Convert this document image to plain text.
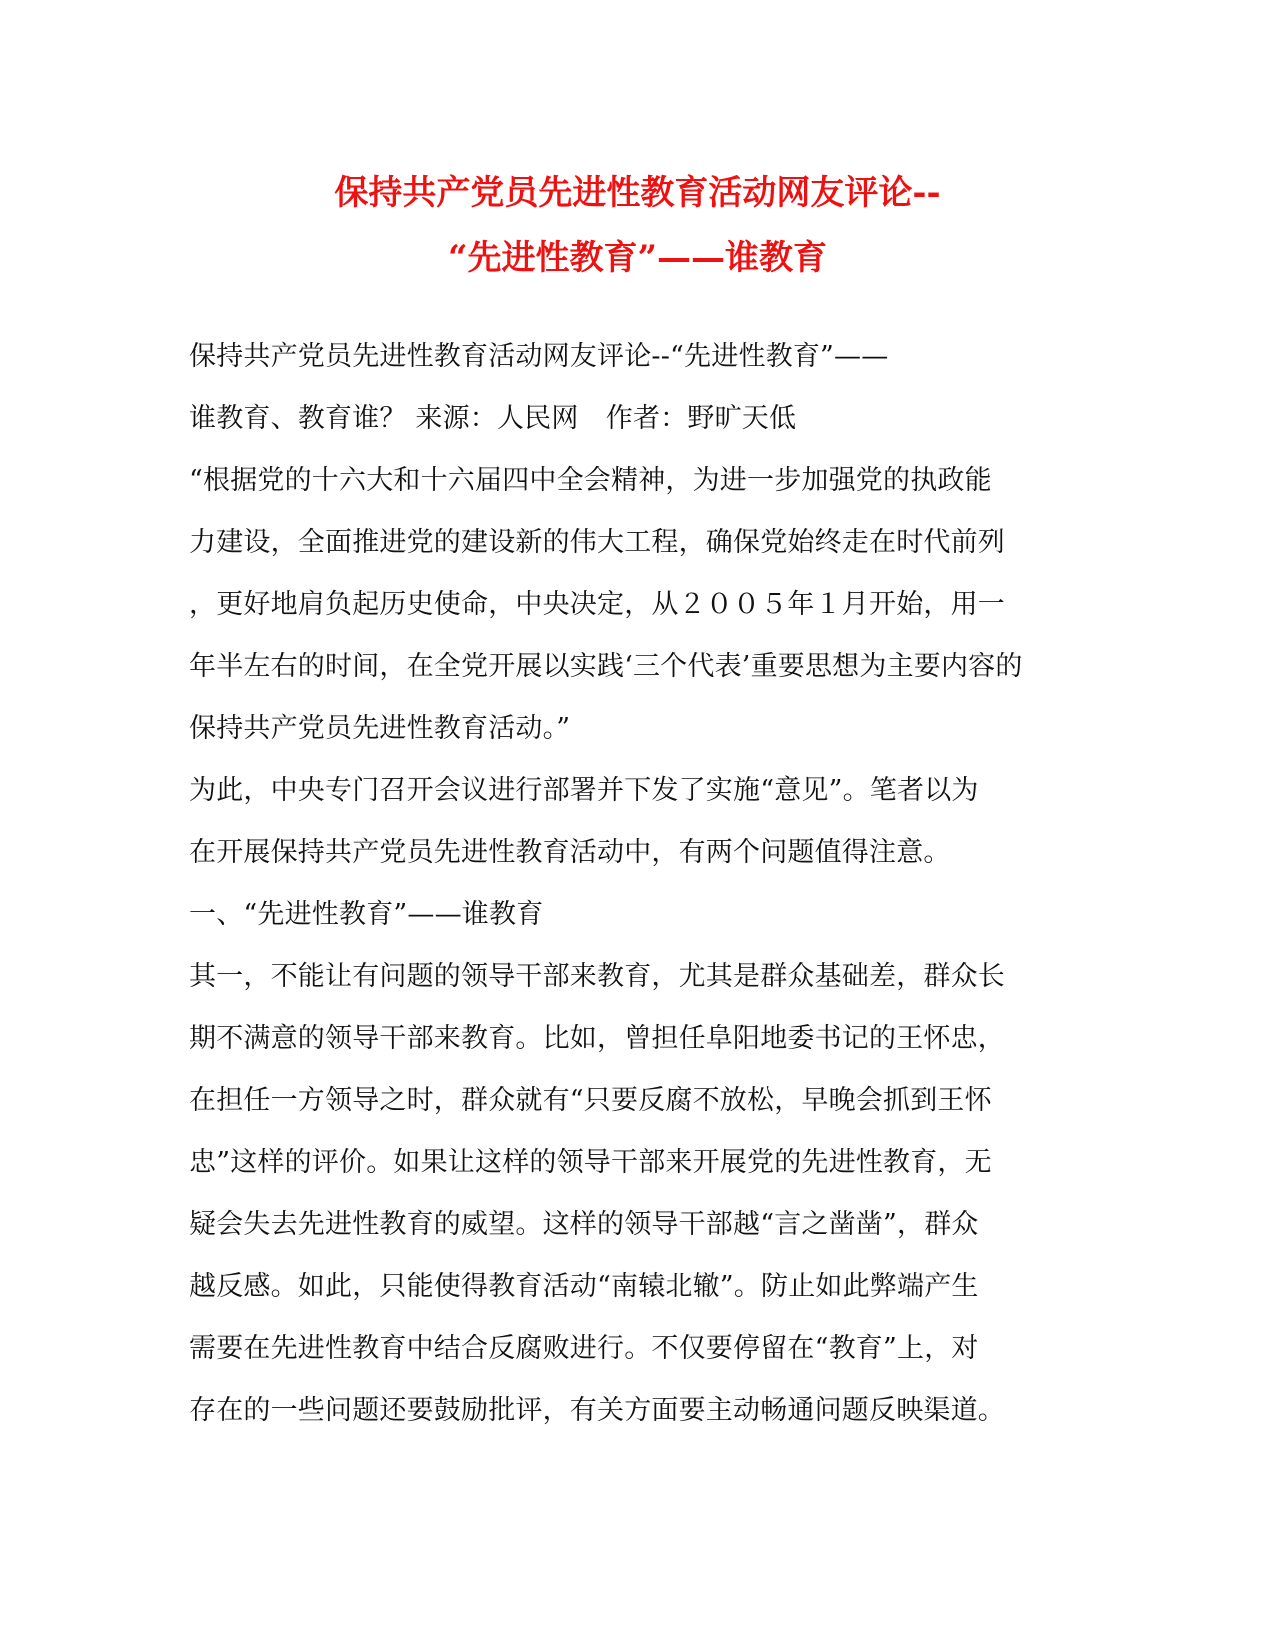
保持共产党员先进性教育活动网友评论--
“先进性教育”——谁教育
保持共产党员先进性教育活动网友评论--“先进性教育”——
谁教育、教育谁？ 来源：人民网　作者：野旷天低
“根据党的十六大和十六届四中全会精神，为进一步加强党的执政能
力建设，全面推进党的建设新的伟大工程，确保党始终走在时代前列
，更好地肩负起历史使命，中央决定，从２００５年１月开始，用一
年半左右的时间，在全党开展以实践‘三个代表’重要思想为主要内容的
保持共产党员先进性教育活动。”
为此，中央专门召开会议进行部署并下发了实施“意见”。笔者以为
在开展保持共产党员先进性教育活动中，有两个问题值得注意。
一、“先进性教育”——谁教育
其一，不能让有问题的领导干部来教育，尤其是群众基础差，群众长
期不满意的领导干部来教育。比如，曾担任阜阳地委书记的王怀忠，
在担任一方领导之时，群众就有“只要反腐不放松，早晚会抓到王怀
忠”这样的评价。如果让这样的领导干部来开展党的先进性教育，无
疑会失去先进性教育的威望。这样的领导干部越“言之凿凿”，群众
越反感。如此，只能使得教育活动“南辕北辙”。防止如此弊端产生
需要在先进性教育中结合反腐败进行。不仅要停留在“教育”上，对
存在的一些问题还要鼓励批评，有关方面要主动畅通问题反映渠道。
